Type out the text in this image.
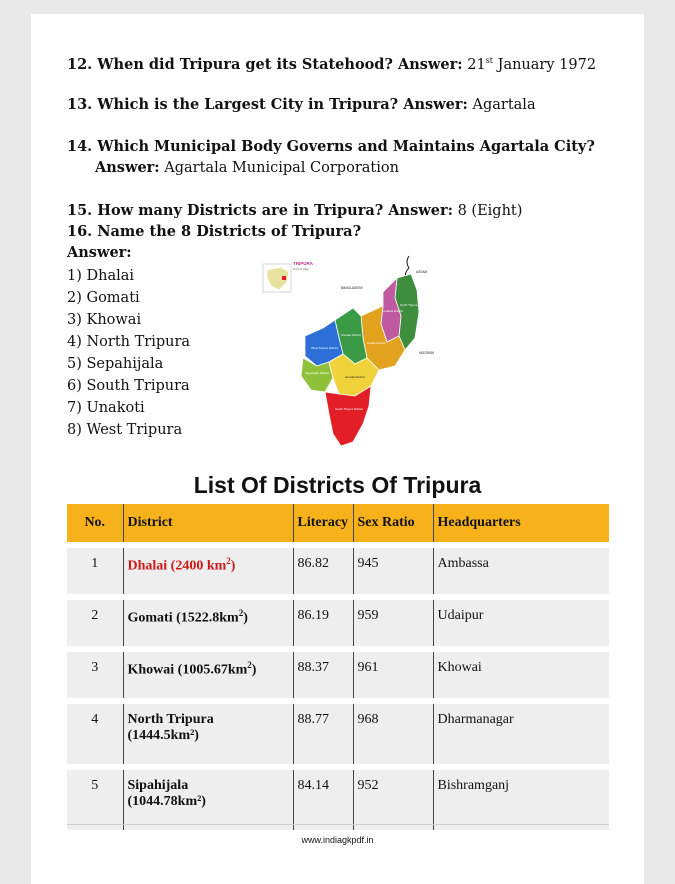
12. When did Tripura get its Statehood? Answer: 21st January 1972
13. Which is the Largest City in Tripura? Answer: Agartala
14. Which Municipal Body Governs and Maintains Agartala City?
Answer: Agartala Municipal Corporation
15. How many Districts are in Tripura? Answer: 8 (Eight)
16. Name the 8 Districts of Tripura?
Answer:
1) Dhalai
2) Gomati
3) Khowai
4) North Tripura
5) Sepahijala
6) South Tripura
7) Unakoti
8) West Tripura
TRIPURA
District Map
BANGLADESH
ASSAM
MIZORAM
West Tripura District
Khowai District
Unakoti District
North Tripura District
Dhalai District
Sepahijala District
Gomati District
South Tripura District
List Of Districts Of Tripura
No.	District	Literacy	Sex Ratio	Headquarters
1	Dhalai (2400 $km^2$)	86.82	945	Ambassa
2	Gomati $(1522.8km^2)$	86.19	959	Udaipur
3	Khowai $(1005.67km^2)$	88.37	961	Khowai
4	North Tripura
(1444.5km²)	88.77	968	Dharmanagar
5	Sipahijala
(1044.78km²)	84.14	952	Bishramganj
www.indiagkpdf.in
